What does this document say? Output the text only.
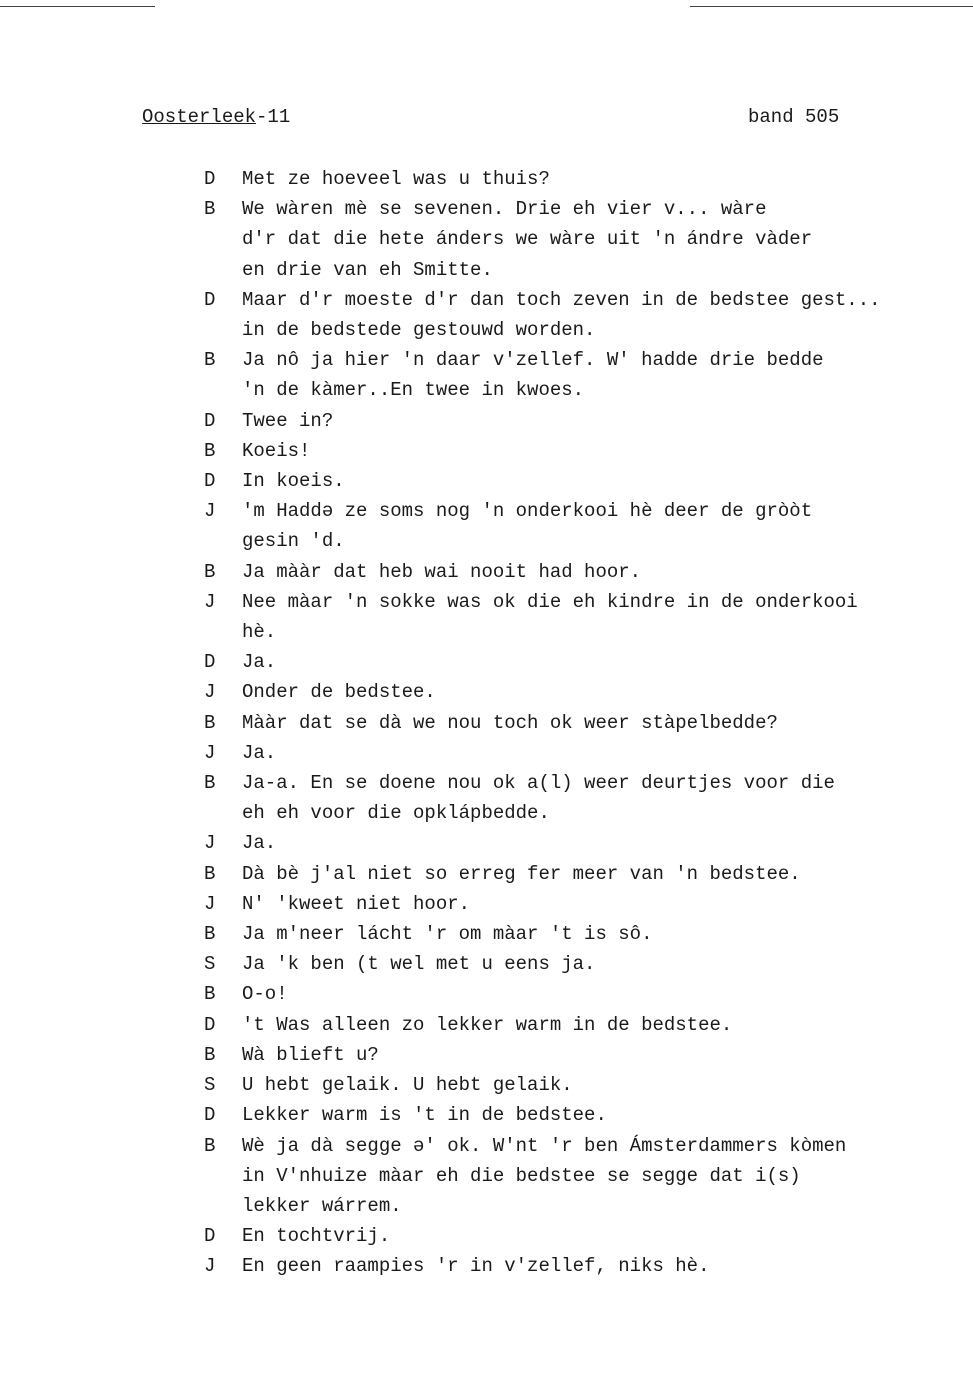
Oosterleek-11	band 505
D	Met ze hoeveel was u thuis?
B	We wàren mè se sevenen. Drie eh vier v... wàre
d'r dat die hete ánders we wàre uit 'n ándre vàder
en drie van eh Smitte.
D	Maar d'r moeste d'r dan toch zeven in de bedstee gest...
in de bedstede gestouwd worden.
B	Ja nô ja hier 'n daar v'zellef. W' hadde drie bedde
'n de kàmer..En twee in kwoes.
D	Twee in?
B	Koeis!
D	In koeis.
J	'm Haddə ze soms nog 'n onderkooi hè deer de gròòt
gesin 'd.
B	Ja mààr dat heb wai nooit had hoor.
J	Nee màar 'n sokke was ok die eh kindre in de onderkooi
hè.
D	Ja.
J	Onder de bedstee.
B	Mààr dat se dà we nou toch ok weer stàpelbedde?
J	Ja.
B	Ja-a. En se doene nou ok a(l) weer deurtjes voor die
eh eh voor die opklápbedde.
J	Ja.
B	Dà bè j'al niet so erreg fer meer van 'n bedstee.
J	N' 'kweet niet hoor.
B	Ja m'neer lácht 'r om màar 't is sô.
S	Ja 'k ben (t wel met u eens ja.
B	O-o!
D	't Was alleen zo lekker warm in de bedstee.
B	Wà blieft u?
S	U hebt gelaik. U hebt gelaik.
D	Lekker warm is 't in de bedstee.
B	Wè ja dà segge ə' ok. W'nt 'r ben Ámsterdammers kòmen
in V'nhuize màar eh die bedstee se segge dat i(s)
lekker wárrem.
D	En tochtvrij.
J	En geen raampies 'r in v'zellef, niks hè.
